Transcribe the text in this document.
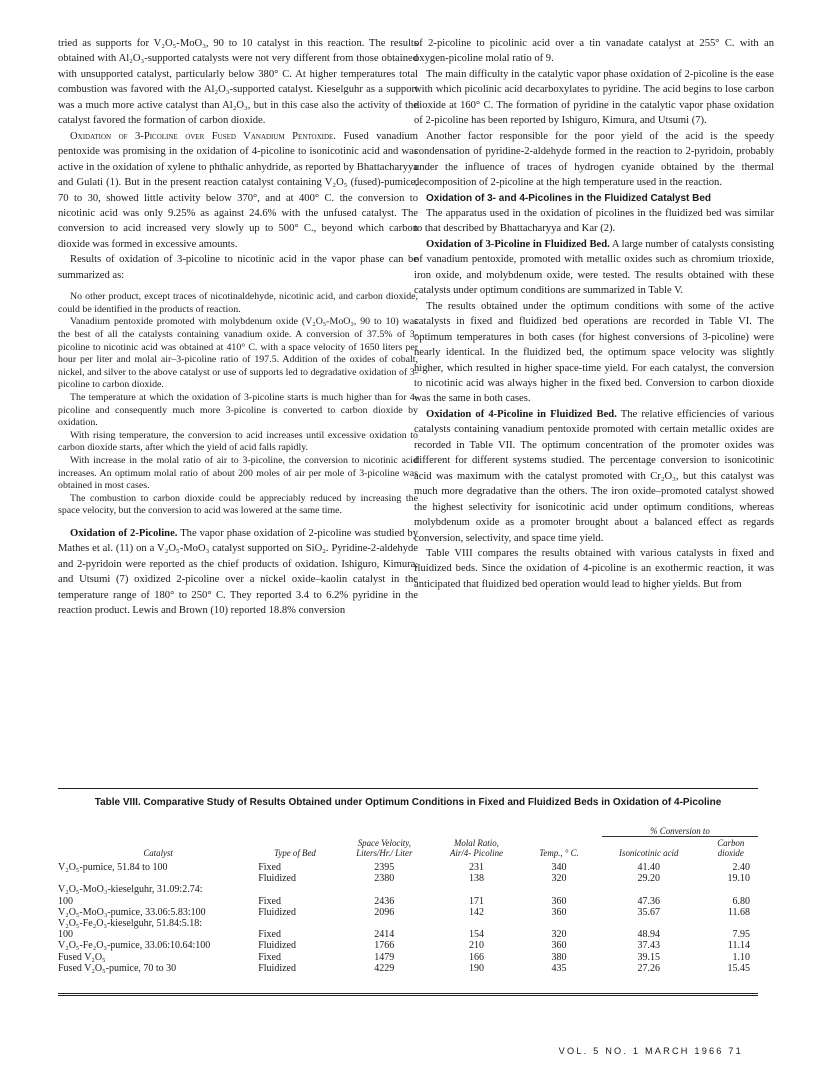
tried as supports for V₂O₅-MoO₃, 90 to 10 catalyst in this reaction. The results obtained with Al₂O₃-supported catalysts were not very different from those obtained with unsupported catalyst, particularly below 380° C. At higher temperatures total combustion was favored with the Al₂O₃-supported catalyst. Kieselguhr as a support was a much more active catalyst than Al₂O₃, but in this case also the activity of the catalyst favored the formation of carbon dioxide.

Oxidation of 3-Picoline over Fused Vanadium Pentoxide. Fused vanadium pentoxide was promising in the oxidation of 4-picoline to isonicotinic acid and was active in the oxidation of xylene to phthalic anhydride, as reported by Bhattacharyya and Gulati (1). But in the present reaction catalyst containing V₂O₅ (fused)-pumice, 70 to 30, showed little activity below 370°, and at 400° C. the conversion to nicotinic acid was only 9.25% as against 24.6% with the unfused catalyst. The conversion to acid increased very slowly up to 500° C., beyond which carbon dioxide was formed in excessive amounts.

Results of oxidation of 3-picoline to nicotinic acid in the vapor phase can be summarized as:

No other product, except traces of nicotinaldehyde, nicotinic acid, and carbon dioxide, could be identified in the products of reaction.

Vanadium pentoxide promoted with molybdenum oxide (V₂O₅-MoO₃, 90 to 10) was the best of all the catalysts containing vanadium oxide. A conversion of 37.5% of 3-picoline to nicotinic acid was obtained at 410° C. with a space velocity of 1650 liters per hour per liter and molal air–3-picoline ratio of 197.5. Addition of the oxides of cobalt, nickel, and silver to the above catalyst or use of supports led to degradative oxidation of 3-picoline to carbon dioxide.

The temperature at which the oxidation of 3-picoline starts is much higher than for 4-picoline and consequently much more 3-picoline is converted to carbon dioxide by oxidation.

With rising temperature, the conversion to acid increases until excessive oxidation to carbon dioxide starts, after which the yield of acid falls rapidly.

With increase in the molal ratio of air to 3-picoline, the conversion to nicotinic acid increases. An optimum molal ratio of about 200 moles of air per mole of 3-picoline was obtained in most cases.

The combustion to carbon dioxide could be appreciably reduced by increasing the space velocity, but the conversion to acid was lowered at the same time.

Oxidation of 2-Picoline. The vapor phase oxidation of 2-picoline was studied by Mathes et al. (11) on a V₂O₅-MoO₃ catalyst supported on SiO₂. Pyridine-2-aldehyde and 2-pyridoin were reported as the chief products of oxidation. Ishiguro, Kimura, and Utsumi (7) oxidized 2-picoline over a nickel oxide–kaolin catalyst in the temperature range of 180° to 250° C. They reported 3.4 to 6.2% pyridine in the reaction product. Lewis and Brown (10) reported 18.8% conversion

of 2-picoline to picolinic acid over a tin vanadate catalyst at 255° C. with an oxygen-picoline molal ratio of 9.

The main difficulty in the catalytic vapor phase oxidation of 2-picoline is the ease with which picolinic acid decarboxylates to pyridine. The acid begins to lose carbon dioxide at 160° C. The formation of pyridine in the catalytic vapor phase oxidation of 2-picoline has been reported by Ishiguro, Kimura, and Utsumi (7).

Another factor responsible for the poor yield of the acid is the speedy condensation of pyridine-2-aldehyde formed in the reaction to 2-pyridoin, probably under the influence of traces of hydrogen cyanide obtained by the thermal decomposition of 2-picoline at the high temperature used in the reaction.

Oxidation of 3- and 4-Picolines in the Fluidized Catalyst Bed

The apparatus used in the oxidation of picolines in the fluidized bed was similar to that described by Bhattacharyya and Kar (2).

Oxidation of 3-Picoline in Fluidized Bed. A large number of catalysts consisting of vanadium pentoxide, promoted with metallic oxides such as chromium trioxide, iron oxide, and molybdenum oxide, were tested. The results obtained with these catalysts under optimum conditions are summarized in Table V.

The results obtained under the optimum conditions with some of the active catalysts in fixed and fluidized bed operations are recorded in Table VI. The optimum temperatures in both cases (for highest conversions of 3-picoline) were nearly identical. In the fluidized bed, the optimum space velocity was slightly higher, which resulted in higher space-time yield. For each catalyst, the conversion to nicotinic acid was always higher in the fixed bed. Conversion to carbon dioxide was the same in both cases.

Oxidation of 4-Picoline in Fluidized Bed. The relative efficiencies of various catalysts containing vanadium pentoxide promoted with certain metallic oxides are recorded in Table VII. The optimum concentration of the promoter oxides was different for different systems studied. The percentage conversion to isonicotinic acid was maximum with the catalyst promoted with Cr₂O₃, but this catalyst was much more degradative than the others. The iron oxide–promoted catalyst showed the highest selectivity for isonicotinic acid under optimum conditions, whereas molybdenum oxide as a promoter brought about a balanced effect as regards conversion, selectivity, and space time yield.

Table VIII compares the results obtained with various catalysts in fixed and fluidized beds. Since the oxidation of 4-picoline is an exothermic reaction, it was anticipated that fluidized bed operation would lead to higher yields. But from

Table VIII. Comparative Study of Results Obtained under Optimum Conditions in Fixed and Fluidized Beds in Oxidation of 4-Picoline
Catalyst	Type of Bed	Space Velocity, Liters/Hr./ Liter	Molal Ratio, Air/4- Picoline	Temp., ° C.	% Conversion to	
					Isonicotinic acid	Carbon dioxide

V₂O₅-pumice, 51.84 to 100	Fixed	2395	231	340	41.40	2.40
	Fluidized	2380	138	320	29.20	19.10
V₂O₅-MoO₃-kieselguhr, 31.09:2.74:						
100	Fixed	2436	171	360	47.36	6.80
V₂O₅-MoO₃-pumice, 33.06:5.83:100	Fluidized	2096	142	360	35.67	11.68
V₂O₅-Fe₂O₃-kieselguhr, 51.84:5.18:						
100	Fixed	2414	154	320	48.94	7.95
V₂O₅-Fe₂O₃-pumice, 33.06:10.64:100	Fluidized	1766	210	360	37.43	11.14
Fused V₂O₅	Fixed	1479	166	380	39.15	1.10
Fused V₂O₅-pumice, 70 to 30	Fluidized	4229	190	435	27.26	15.45
VOL. 5 NO. 1 MARCH 1966 71
